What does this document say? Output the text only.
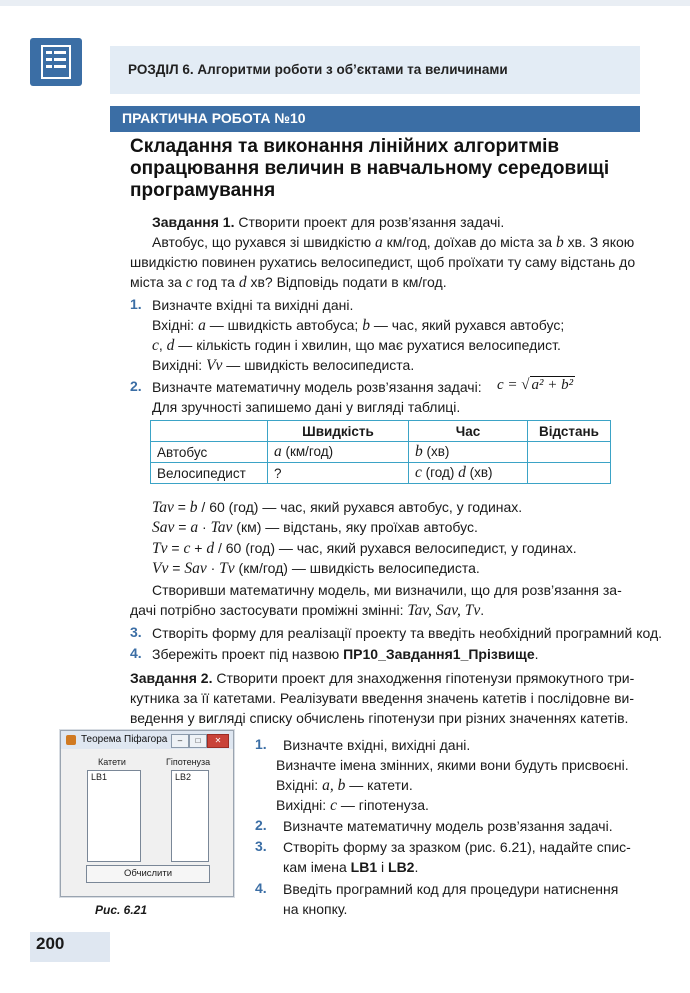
РОЗДІЛ 6. Алгоритми роботи з об’єктами та величинами
ПРАКТИЧНА РОБОТА №10
Складання та виконання лінійних алгоритмів опрацювання величин в навчальному середовищі програмування
Завдання 1. Створити проект для розв’язання задачі.
Автобус, що рухався зі швидкістю a км/год, доїхав до міста за b хв. З якою
швидкістю повинен рухатись велосипедист, щоб проїхати ту саму відстань до
міста за c год та d хв? Відповідь подати в км/год.
1. Визначте вхідні та вихідні дані.
Вхідні: a — швидкість автобуса; b — час, який рухався автобус;
c, d — кількість годин і хвилин, що має рухатися велосипедист.
Вихідні: Vv — швидкість велосипедиста.
2. Визначте математичну модель розв’язання задачі: c = √ a² + b²
Для зручності запишемо дані у вигляді таблиці.
	Швидкість	Час	Відстань
Автобус	a (км/год)	b (хв)	
Велосипедист	?	c (год) d (хв)	
Tav = b / 60 (год) — час, який рухався автобус, у годинах.
Sav = a · Tav (км) — відстань, яку проїхав автобус.
Tv = c + d / 60 (год) — час, який рухався велосипедист, у годинах.
Vv = Sav · Tv (км/год) — швидкість велосипедиста.
Створивши математичну модель, ми визначили, що для розв’язання за-
дачі потрібно застосувати проміжні змінні: Tav, Sav, Tv.
3. Створіть форму для реалізації проекту та введіть необхідний програмний код.
4. Збережіть проект під назвою ПР10_Завдання1_Прізвище.
Завдання 2. Створити проект для знаходження гіпотенузи прямокутного три-
кутника за її катетами. Реалізувати введення значень катетів і послідовне ви-
ведення у вигляді списку обчислень гіпотенузи при різних значеннях катетів.
1. Визначте вхідні, вихідні дані.
Визначте імена змінних, якими вони будуть присвоєні.
Вхідні: a, b — катети.
Вихідні: c — гіпотенуза.
2. Визначте математичну модель розв’язання задачі.
3. Створіть форму за зразком (рис. 6.21), надайте спис-
кам імена LB1 і LB2.
4. Введіть програмний код для процедури натиснення
на кнопку.
Теорема Піфагора	–	□	✕
Катети	Гіпотенуза
LB1	LB2
Обчислити
Рис. 6.21
200
